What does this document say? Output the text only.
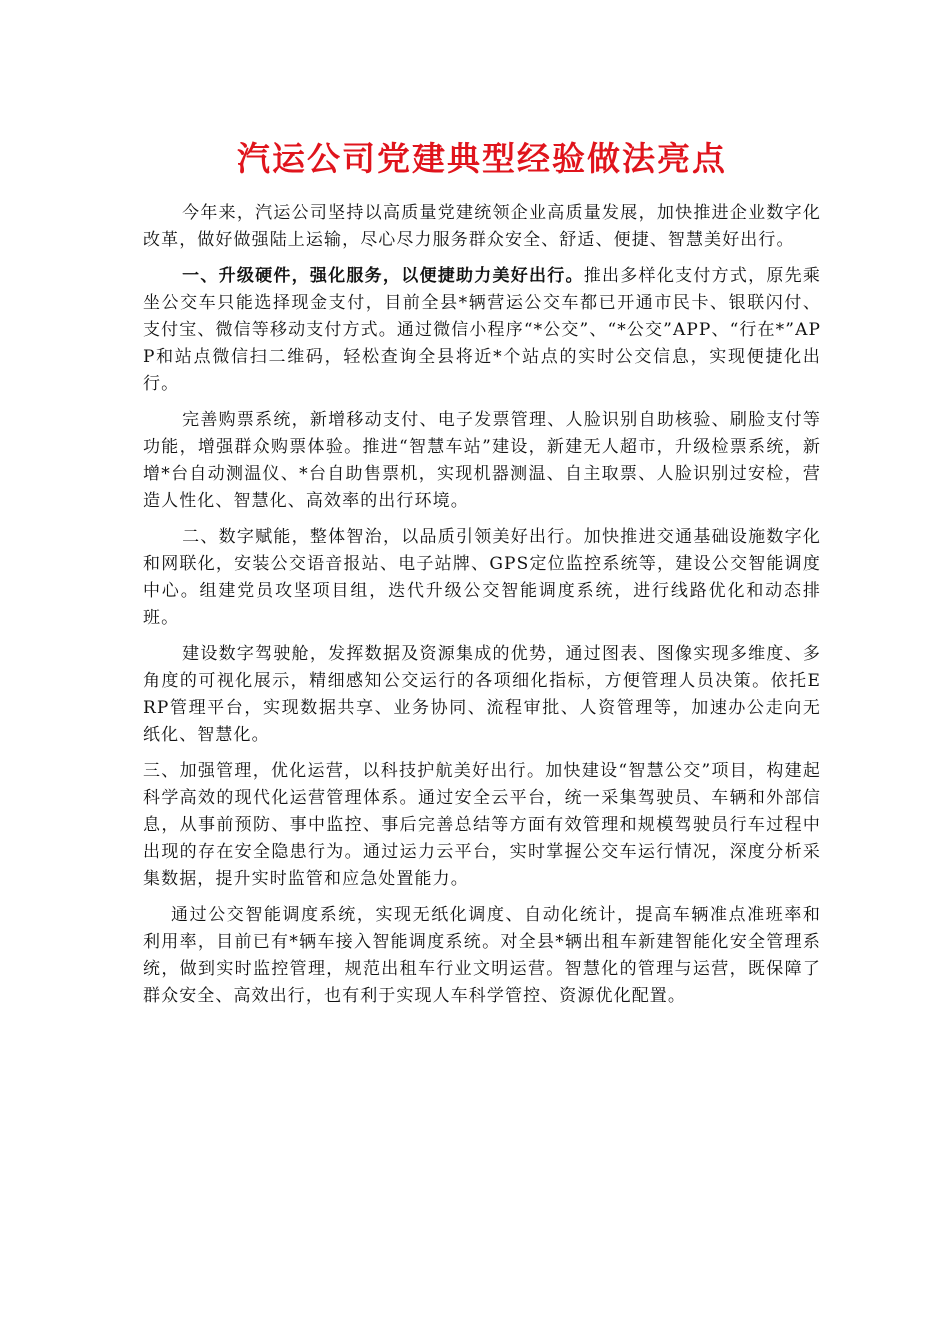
汽运公司党建典型经验做法亮点

今年来，汽运公司坚持以高质量党建统领企业高质量发展，加快推进企业数字化改革，做好做强陆上运输，尽心尽力服务群众安全、舒适、便捷、智慧美好出行。

一、升级硬件，强化服务，以便捷助力美好出行。推出多样化支付方式，原先乘坐公交车只能选择现金支付，目前全县*辆营运公交车都已开通市民卡、银联闪付、支付宝、微信等移动支付方式。通过微信小程序“*公交”、“*公交”APP、“行在*”APP和站点微信扫二维码，轻松查询全县将近*个站点的实时公交信息，实现便捷化出行。

完善购票系统，新增移动支付、电子发票管理、人脸识别自助核验、刷脸支付等功能，增强群众购票体验。推进“智慧车站”建设，新建无人超市，升级检票系统，新增*台自动测温仪、*台自助售票机，实现机器测温、自主取票、人脸识别过安检，营造人性化、智慧化、高效率的出行环境。

二、数字赋能，整体智治，以品质引领美好出行。加快推进交通基础设施数字化和网联化，安装公交语音报站、电子站牌、GPS定位监控系统等，建设公交智能调度中心。组建党员攻坚项目组，迭代升级公交智能调度系统，进行线路优化和动态排班。

建设数字驾驶舱，发挥数据及资源集成的优势，通过图表、图像实现多维度、多角度的可视化展示，精细感知公交运行的各项细化指标，方便管理人员决策。依托ERP管理平台，实现数据共享、业务协同、流程审批、人资管理等，加速办公走向无纸化、智慧化。

三、加强管理，优化运营，以科技护航美好出行。加快建设“智慧公交”项目，构建起科学高效的现代化运营管理体系。通过安全云平台，统一采集驾驶员、车辆和外部信息，从事前预防、事中监控、事后完善总结等方面有效管理和规模驾驶员行车过程中出现的存在安全隐患行为。通过运力云平台，实时掌握公交车运行情况，深度分析采集数据，提升实时监管和应急处置能力。

通过公交智能调度系统，实现无纸化调度、自动化统计，提高车辆准点准班率和利用率，目前已有*辆车接入智能调度系统。对全县*辆出租车新建智能化安全管理系统，做到实时监控管理，规范出租车行业文明运营。智慧化的管理与运营，既保障了群众安全、高效出行，也有利于实现人车科学管控、资源优化配置。
